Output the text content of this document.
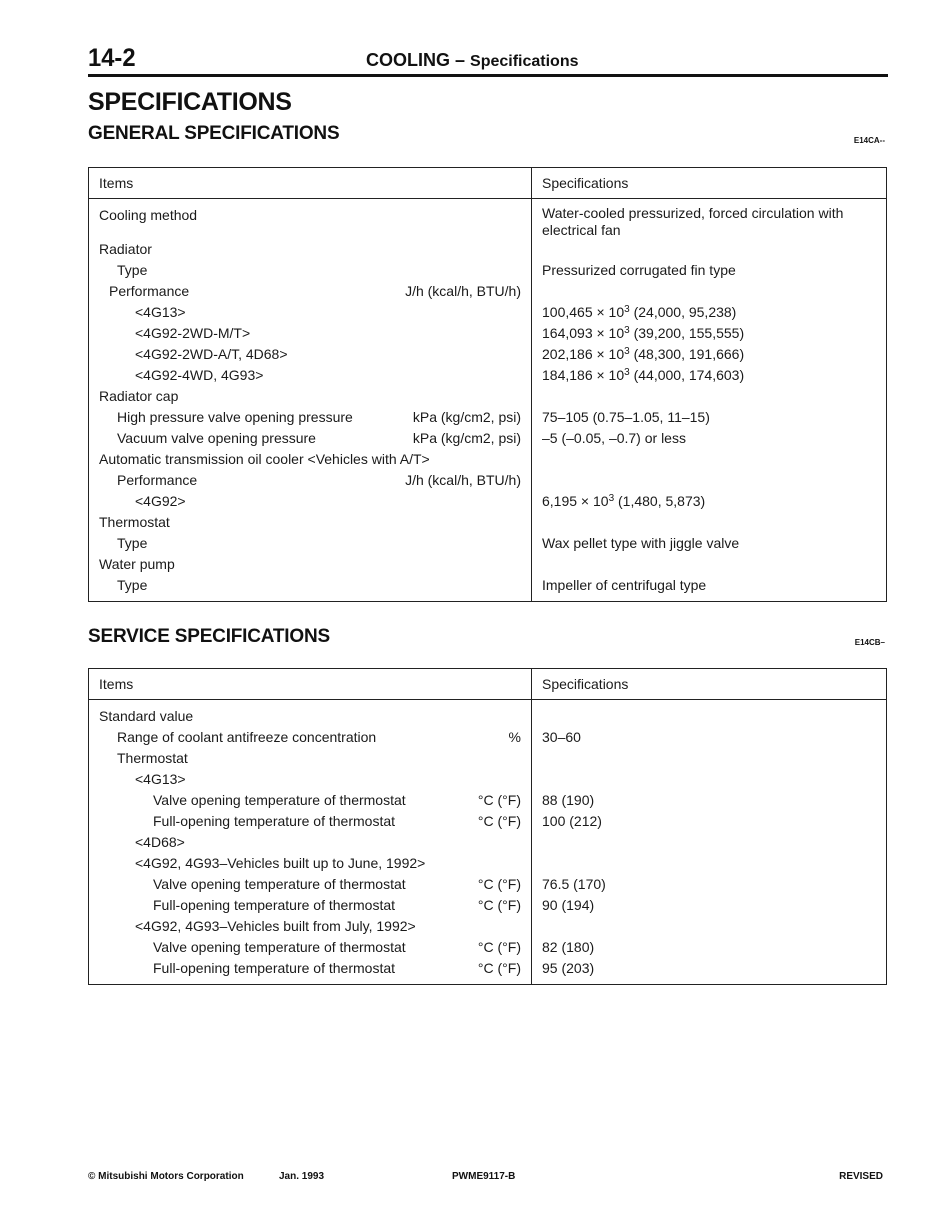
14-2	COOLING – Specifications
SPECIFICATIONS
GENERAL SPECIFICATIONS	E14CA--
Items	Specifications

Cooling method	Water-cooled pressurized, forced circulation with electrical fan

Radiator	
Type	Pressurized corrugated fin type

Performance J/h (kcal/h, BTU/h)	

<4G13>	$100,465 \times 10^3$ (24,000, 95,238)
<4G92-2WD-M/T>	$164,093 \times 10^3$ (39,200, 155,555)
<4G92-2WD-A/T, 4D68>	$202,186 \times 10^3$ (48,300, 191,666)
<4G92-4WD, 4G93>	$184,186 \times 10^3$ (44,000, 174,603)
Radiator cap	

High pressure valve opening pressure kPa (kg/cm2, psi)	75–105 (0.75–1.05, 11–15)

Vacuum valve opening pressure kPa (kg/cm2, psi)	–5 (–0.05, –0.7) or less
Automatic transmission oil cooler <Vehicles with A/T>	

Performance J/h (kcal/h, BTU/h)	

<4G92>	$6,195 \times 10^3$ (1,480, 5,873)
Thermostat	
Type	Wax pellet type with jiggle valve
Water pump	
Type	Impeller of centrifugal type
SERVICE SPECIFICATIONS	E14CB–
Items	Specifications
Standard value	

Range of coolant antifreeze concentration %	30–60
Thermostat	
<4G13>	

Valve opening temperature of thermostat °C (°F)	88 (190)

Full-opening temperature of thermostat °C (°F)	100 (212)
<4D68>	
<4G92, 4G93–Vehicles built up to June, 1992>	

Valve opening temperature of thermostat °C (°F)	76.5 (170)

Full-opening temperature of thermostat °C (°F)	90 (194)
<4G92, 4G93–Vehicles built from July, 1992>	

Valve opening temperature of thermostat °C (°F)	82 (180)

Full-opening temperature of thermostat °C (°F)	95 (203)
© Mitsubishi Motors Corporation	Jan. 1993	PWME9117-B	REVISED
